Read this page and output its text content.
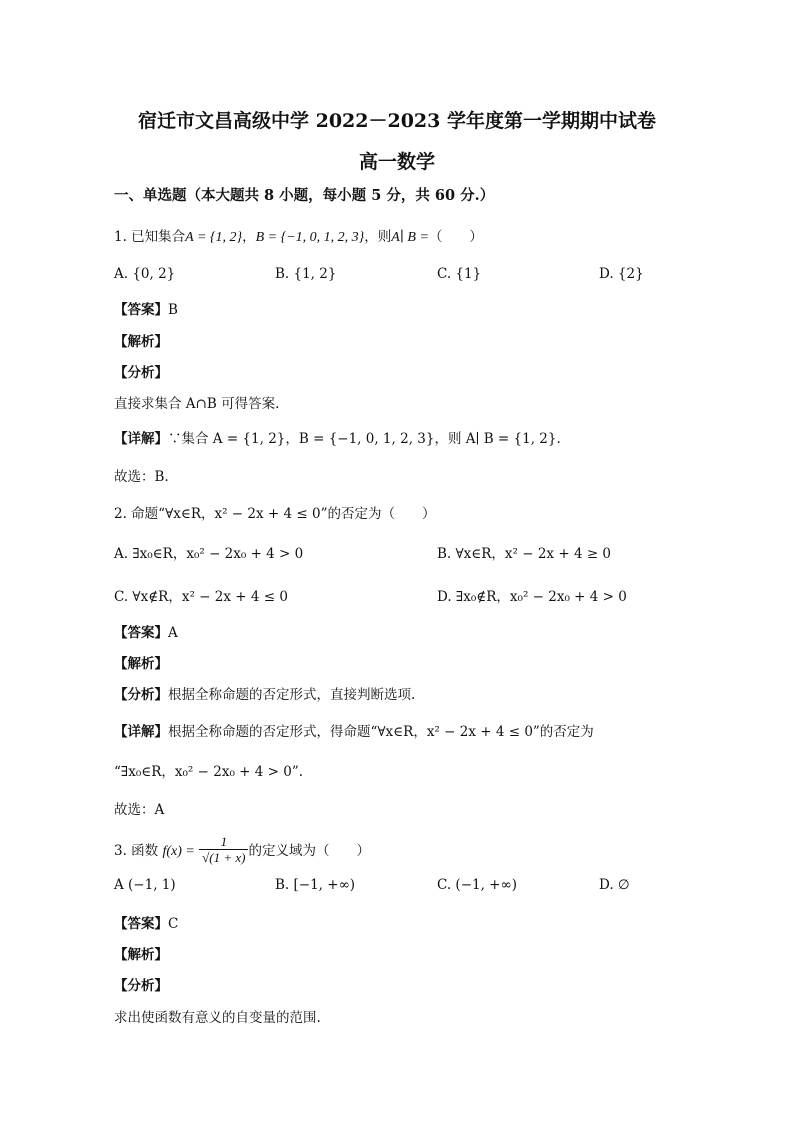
宿迁市文昌高级中学 2022－2023 学年度第一学期期中试卷
高一数学
一、单选题（本大题共 8 小题，每小题 5 分，共 60 分.）
1. 已知集合A = {1, 2}，B = {−1, 0, 1, 2, 3}，则A∣ B =（　　）
A. {0, 2}	B. {1, 2}	C. {1}	D. {2}
【答案】B
【解析】
【分析】
直接求集合 A∩B 可得答案.
【详解】∵集合 A = {1, 2}，B = {−1, 0, 1, 2, 3}，则 A∣ B = {1, 2}.
故选：B.
2. 命题“∀x∈R，x² − 2x + 4 ≤ 0”的否定为（　　）
A. ∃x₀∈R，x₀² − 2x₀ + 4 > 0	B. ∀x∈R，x² − 2x + 4 ≥ 0
C. ∀x∉R，x² − 2x + 4 ≤ 0	D. ∃x₀∉R，x₀² − 2x₀ + 4 > 0
【答案】A
【解析】
【分析】根据全称命题的否定形式，直接判断选项.
【详解】根据全称命题的否定形式，得命题“∀x∈R，x² − 2x + 4 ≤ 0”的否定为
“∃x₀∈R，x₀² − 2x₀ + 4 > 0”.
故选：A
3. 函数 $f(x) = \frac{1}{√(1 + x)}$ 的定义域为（　　）
A (−1, 1)	B. [−1, +∞)	C. (−1, +∞)	D. ∅
【答案】C
【解析】
【分析】
求出使函数有意义的自变量的范围.
